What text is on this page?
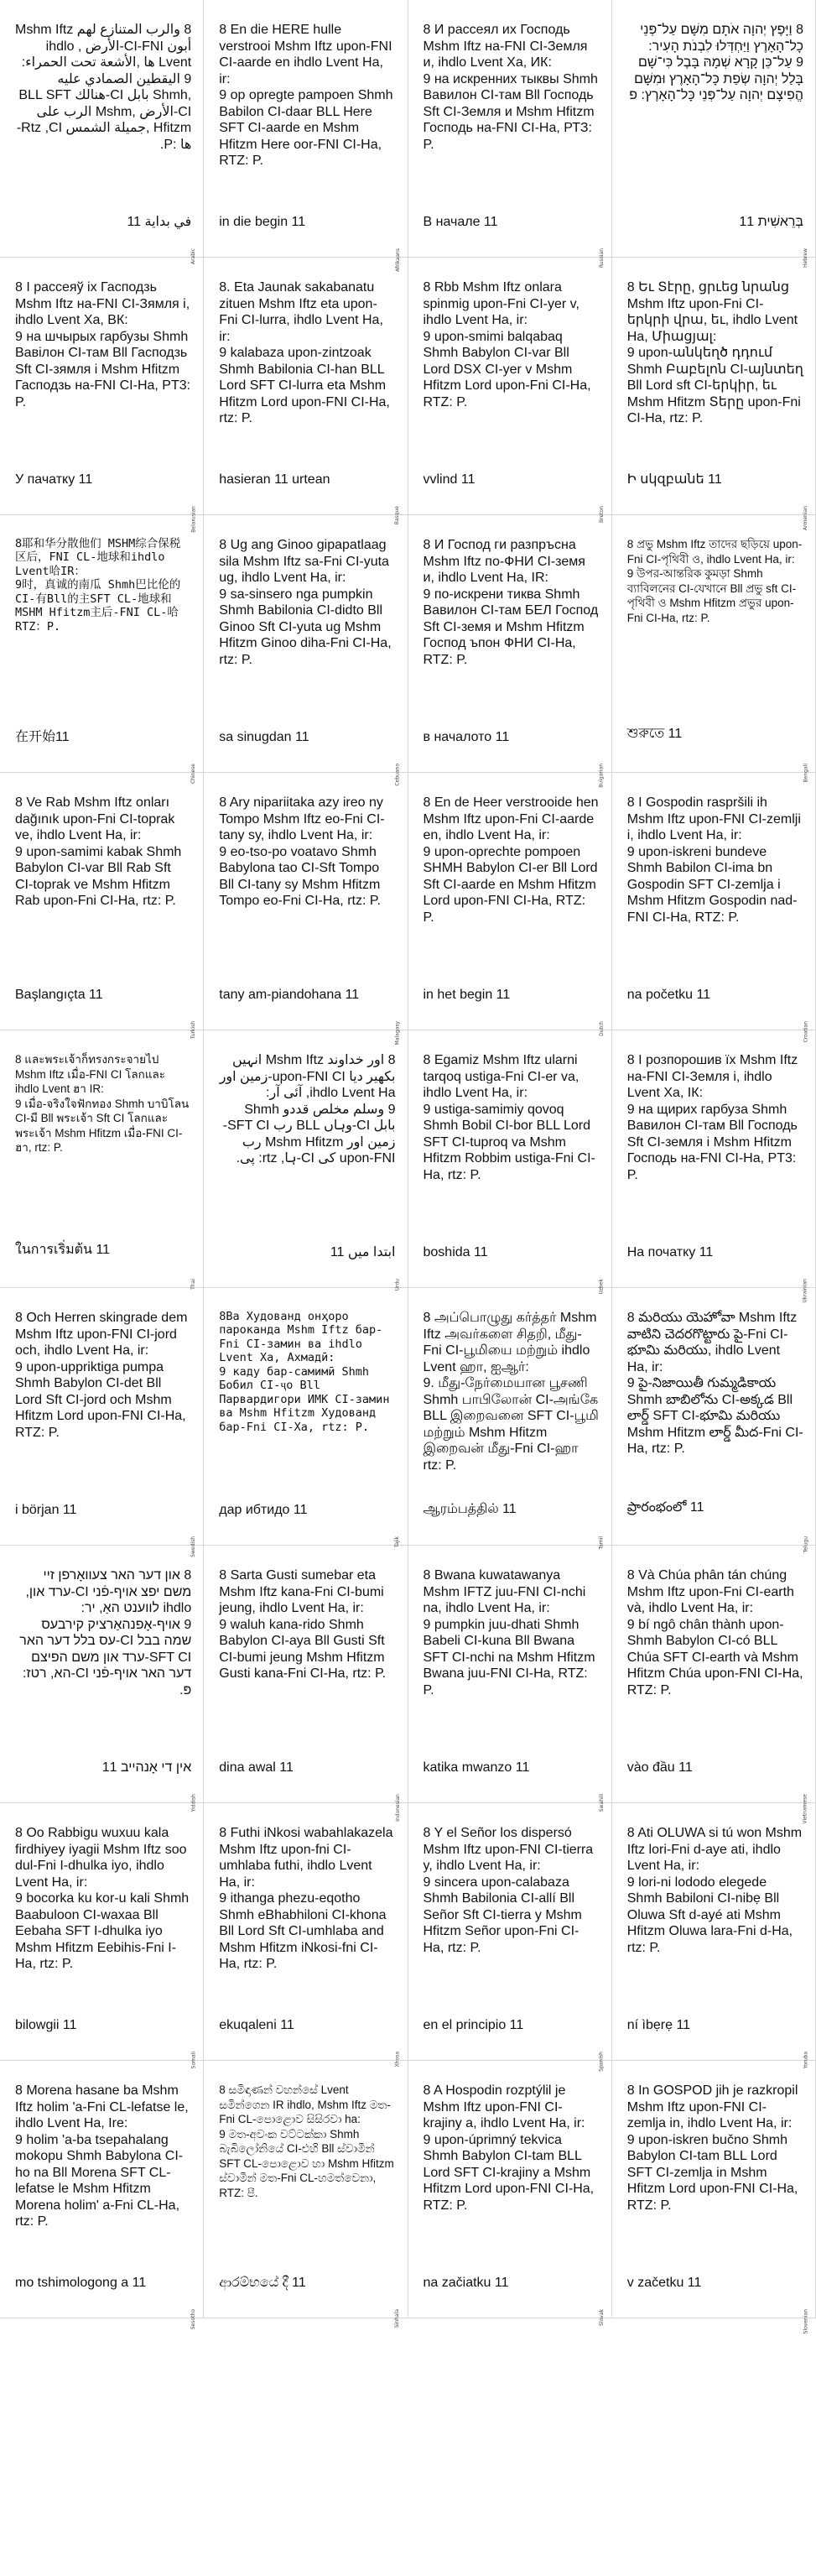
8 والرب المتنازع لهم Mshm Iftz أبون CI-FNI-الأرض , ihdlo Lvent ها ,الأشعة تحت الحمراء:
9 اليقطين الصمادي عليه ,Shmh بابل CI-هنالك BLL SFT CI-الأرض ,Mshm الرب على Hfitzm ,جميلة الشمس Rtz ,CI-ها :P.
في بداية 11
Arabic
8 En die HERE hulle verstrooi Mshm Iftz upon-FNI CI-aarde en ihdlo Lvent Ha, ir:
9 op opregte pampoen Shmh Babilon CI-daar BLL Here SFT CI-aarde en Mshm Hfitzm Here oor-FNI CI-Ha, RTZ: P.
in die begin 11
Afrikaans
8 И рассеял их Господь Mshm Iftz на-FNI CI-Земля и, ihdlo Lvent Ха, ИК:
9 на искренних тыквы Shmh Вавилон CI-там Bll Господь Sft CI-Земля и Mshm Hfitzm Господь на-FNI CI-Ha, РТЗ: P.
В начале 11
Russian
8 וַיָּפֶץ יְהוָה אֹתָם מִשָּׁם עַל־פְּנֵי כָל־הָאָרֶץ וַיַּחְדְּלוּ לִבְנֹת הָעִיר:
9 עַל־כֵּן קָרָא שְׁמָהּ בָּבֶל כִּי־שָׁם בָּלַל יְהוָה שְׂפַת כָּל־הָאָרֶץ וּמִשָּׁם הֱפִיצָם יְהוָה עַל־פְּנֵי כָּל־הָאָרֶץ: פ
בְּרֵאשִׁית 11
Hebrew
8 І рассеяў іх Гасподзь Mshm Iftz на-FNI CI-Зямля і, ihdlo Lvent Ха, ВК:
9 на шчырых гарбузы Shmh Вавілон CI-там Bll Гасподзь Sft CI-зямля і Mshm Hfitzm Гасподзь на-FNI CI-Ha, PT3: P.
У пачатку 11
Belarusian
8. Eta Jaunak sakabanatu zituen Mshm Iftz eta upon-Fni CI-lurra, ihdlo Lvent Ha, ir:
9 kalabaza upon-zintzoak Shmh Babilonia CI-han BLL Lord SFT CI-lurra eta Mshm Hfitzm Lord upon-FNI CI-Ha, rtz: P.
hasieran 11 urtean
Basque
8 Rbb Mshm Iftz onlara spinmig upon-Fni CI-yer v, ihdlo Lvent Ha, ir:
9 upon-smimi balqabaq Shmh Babylon CI-var Bll Lord DSX CI-yer v Mshm Hfitzm Lord upon-Fni CI-Ha, RTZ: P.
vvlind 11
Breton
8 Եւ Տէրը, ցրւեց նրանց Mshm Iftz upon-Fni CI-երկրի վրա, եւ, ihdlo Lvent Ha, Միացյալ:
9 upon-անկեղծ դդում Shmh Բաբելոն CI-այնտեղ Bll Lord sft CI-երկիր, եւ Mshm Hfitzm Տերը upon-Fni CI-Ha, rtz: P.
Ի սկզբանե 11
Armenian
8耶和华分散他们 MSHM综合保税区后，FNI CL-地球和ihdlo Lvent哈IR：
9时，真诚的南瓜 Shmh巴比伦的CI-有Bll的主SFT CL-地球和MSHM Hfitzm主后-FNI CL-哈RTZ：P.
在开始11
Chinese
8 Ug ang Ginoo gipapatlaag sila Mshm Iftz sa-Fni CI-yuta ug, ihdlo Lvent Ha, ir:
9 sa-sinsero nga pumpkin Shmh Babilonia CI-didto Bll Ginoo Sft CI-yuta ug Mshm Hfitzm Ginoo diha-Fni CI-Ha, rtz: P.
sa sinugdan 11
Cebuano
8 И Господ ги разпръсна Mshm Iftz по-ФНИ CI-земя и, ihdlo Lvent Ha, IR:
9 по-искрени тиква Shmh Вавилон CI-там БЕЛ Господ Sft CI-земя и Mshm Hfitzm Господ ъпон ФНИ CI-Ha, RTZ: P.
в началото 11
Bulgarian
8 প্রভু Mshm Iftz তাদের ছড়িয়ে upon-Fni CI-পৃথিবী ও, ihdlo Lvent Ha, ir:
9 উপর-আন্তরিক কুমড়া Shmh ব্যাবিলনের CI-যেখানে Bll প্রভু sft CI-পৃথিবী ও Mshm Hfitzm প্রভুর upon-Fni CI-Ha, rtz: P.
শুরুতে 11
Bengali
8 Ve Rab Mshm Iftz onları dağınık upon-Fni CI-toprak ve, ihdlo Lvent Ha, ir:
9 upon-samimi kabak Shmh Babylon CI-var Bll Rab Sft CI-toprak ve Mshm Hfitzm Rab upon-Fni CI-Ha, rtz: P.
Başlangıçta 11
Turkish
8 Ary nipariitaka azy ireo ny Tompo Mshm Iftz eo-Fni CI-tany sy, ihdlo Lvent Ha, ir:
9 eo-tso-po voatavo Shmh Babylona tao CI-Sft Tompo Bll CI-tany sy Mshm Hfitzm Tompo eo-Fni CI-Ha, rtz: P.
tany am-piandohana 11
Malagasy
8 En de Heer verstrooide hen Mshm Iftz upon-Fni CI-aarde en, ihdlo Lvent Ha, ir:
9 upon-oprechte pompoen SHMH Babylon CI-er Bll Lord Sft CI-aarde en Mshm Hfitzm Lord upon-FNI CI-Ha, RTZ: P.
in het begin 11
Dutch
8 I Gospodin raspršili ih Mshm Iftz upon-FNI CI-zemlji i, ihdlo Lvent Ha, ir:
9 upon-iskreni bundeve Shmh Babilon CI-ima bn Gospodin SFT CI-zemlja i Mshm Hfitzm Gospodin nad-FNI CI-Ha, RTZ: P.
na početku 11
Croatian
8 และพระเจ้าก็ทรงกระจายไป Mshm Iftz เมื่อ-FNI CI โลกและ ihdlo Lvent ฮา IR:
9 เมื่อ-จริงใจฟักทอง Shmh บาบิโลน CI-มี Bll พระเจ้า Sft CI โลกและพระเจ้า Mshm Hfitzm เมื่อ-FNI CI-ฮา, rtz: P.
ในการเริ่มต้น 11
Thai
8 اور خداوند Mshm Iftz انہیں بکھیر دیا upon-FNI CI-زمین اور ihdlo Lvent Ha, آئی آر:
9 وسلم مخلص قددو Shmh بابل CI-وہاں BLL رب SFT CI-زمین اور Mshm Hfitzm رب upon-FNI کی CI-ہا, rtz: پی.
ابتدا میں 11
Urdu
8 Egamiz Mshm Iftz ularni tarqoq ustiga-Fni CI-er va, ihdlo Lvent Ha, ir:
9 ustiga-samimiy qovoq Shmh Bobil CI-bor BLL Lord SFT CI-tuproq va Mshm Hfitzm Robbim ustiga-Fni CI-Ha, rtz: P.
boshida 11
Uzbek
8 І розпорошив їх Mshm Iftz на-FNI CI-Земля і, ihdlo Lvent Ха, ІК:
9 на щирих гарбуза Shmh Вавилон CI-там Bll Господь Sft CI-земля і Mshm Hfitzm Господь на-FNI CI-Ha, PT3: P.
На початку 11
Ukrainian
8 Och Herren skingrade dem Mshm Iftz upon-FNI CI-jord och, ihdlo Lvent Ha, ir:
9 upon-uppriktiga pumpa Shmh Babylon CI-det Bll Lord Sft CI-jord och Mshm Hfitzm Lord upon-FNI CI-Ha, RTZ: P.
i början 11
Swedish
8Ва Худованд онҳоро пароканда Mshm Iftz бар-Fni CI-замин ва ihdlo Lvent Ха, Ахмадӣ:
9 каду бар-самимӣ Shmh Бобил CI-ҷо Bll Парвардигори ИМК CI-замин ва Mshm Hfitzm Худованд бар-Fni CI-Ха, rtz: P.
дар ибтидо 11
Tajik
8 அப்பொழுது கர்த்தர் Mshm Iftz அவர்களை சிதறி, மீது-Fni CI-பூமியை மற்றும் ihdlo Lvent ஹா, ஐஆர்:
9. மீது-நேர்மையான பூசணி Shmh பாபிலோன் CI-அங்கே BLL இறைவனை SFT CI-பூமி மற்றும் Mshm Hfitzm இறைவன் மீது-Fni CI-ஹா rtz: P.
ஆரம்பத்தில் 11
Tamil
8 మరియు యెహోవా Mshm Iftz వాటిని చెదరగొట్టారు పై-Fni CI-భూమి మరియు, ihdlo Lvent Ha, ir:
9 పై-నిజాయితీ గుమ్మడికాయ Shmh బాబిలోను CI-అక్కడ Bll లార్డ్ SFT CI-భూమి మరియు Mshm Hfitzm లార్డ్ మీద-Fni CI-Ha, rtz: P.
ప్రారంభంలో 11
Telugu
8 און דער האר צעוואָרפן זיי משם יפצ אויף-פֿני CI-ערד און, ihdlo לווענט האַ, יר:
9 אויף-אָפנהאַרציק קירבעס שמה בבל CI-עס בלל דער האר SFT CI-ערד און משם הפיצם דער האר אויף-פֿני CI-הא, רטז: פּ.
אין די אָנהייב 11
Yiddish
8 Sarta Gusti sumebar eta Mshm Iftz kana-Fni CI-bumi jeung, ihdlo Lvent Ha, ir:
9 waluh kana-rido Shmh Babylon CI-aya Bll Gusti Sft CI-bumi jeung Mshm Hfitzm Gusti kana-Fni CI-Ha, rtz: P.
dina awal 11
Indonesian
8 Bwana kuwatawanya Mshm IFTZ juu-FNI CI-nchi na, ihdlo Lvent Ha, ir:
9 pumpkin juu-dhati Shmh Babeli CI-kuna Bll Bwana SFT CI-nchi na Mshm Hfitzm Bwana juu-FNI CI-Ha, RTZ: P.
katika mwanzo 11
Swahili
8 Và Chúa phân tán chúng Mshm Iftz upon-Fni CI-earth và, ihdlo Lvent Ha, ir:
9 bí ngô chân thành upon-Shmh Babylon CI-có BLL Chúa SFT CI-earth và Mshm Hfitzm Chúa upon-FNI CI-Ha, RTZ: P.
vào đầu 11
Vietnamese
8 Oo Rabbigu wuxuu kala firdhiyey iyagii Mshm Iftz soo dul-Fni I-dhulka iyo, ihdlo Lvent Ha, ir:
9 bocorka ku kor-u kali Shmh Baabuloon CI-waxaa Bll Eebaha SFT I-dhulka iyo Mshm Hfitzm Eebihis-Fni I-Ha, rtz: P.
bilowgii 11
Somali
8 Futhi iNkosi wabahlakazela Mshm Iftz upon-fni CI-umhlaba futhi, ihdlo Lvent Ha, ir:
9 ithanga phezu-eqotho Shmh eBhabhiloni CI-khona Bll Lord Sft CI-umhlaba and Mshm Hfitzm iNkosi-fni CI-Ha, rtz: P.
ekuqaleni 11
Xhosa
8 Y el Señor los dispersó Mshm Iftz upon-FNI CI-tierra y, ihdlo Lvent Ha, ir:
9 sincera upon-calabaza Shmh Babilonia CI-allí Bll Señor Sft CI-tierra y Mshm Hfitzm Señor upon-Fni CI-Ha, rtz: P.
en el principio 11
Spanish
8 Ati OLUWA si tú won Mshm Iftz lori-Fni d-aye ati, ihdlo Lvent Ha, ir:
9 lori-ni lododo elegede Shmh Babiloni CI-nibẹ Bll Oluwa Sft d-ayé ati Mshm Hfitzm Oluwa lara-Fni d-Ha, rtz: P.
ní ìbẹrẹ 11
Yoruba
8 Morena hasane ba Mshm Iftz holim 'a-Fni CL-lefatse le, ihdlo Lvent Ha, Ire:
9 holim 'a-ba tsepahalang mokopu Shmh Babylona CI-ho na Bll Morena SFT CL-lefatse le Mshm Hfitzm Morena holim' a-Fni CL-Ha, rtz: P.
mo tshimologong a 11
Sesotho
8 සමිඳාණන් වහන්සේ Lvent සමින්ගෙන IR ihdlo, Mshm Iftz මත-Fni CL-පොළොව සිසිරවා ha:
9 මත-අවංක වට්ටක්කා Shmh බැබිලෝනියේ CI-එහි Bll ස්වාමීන් SFT CL-පොළොව හා Mshm Hfitzm ස්වාමීන් මත-Fni CL-හමත්වෙනා, RTZ: පී.
ආරම්භයේ දී 11
Sinhala
8 A Hospodin rozptýlil je Mshm Iftz upon-FNI CI-krajiny a, ihdlo Lvent Ha, ir:
9 upon-úprimný tekvica Shmh Babylon CI-tam BLL Lord SFT CI-krajiny a Mshm Hfitzm Lord upon-FNI CI-Ha, RTZ: P.
na začiatku 11
Slovak
8 In GOSPOD jih je razkropil Mshm Iftz upon-FNI CI-zemlja in, ihdlo Lvent Ha, ir:
9 upon-iskren bučno Shmh Babylon CI-tam BLL Lord SFT CI-zemlja in Mshm Hfitzm Lord upon-FNI CI-Ha, RTZ: P.
v začetku 11
Slovenian
